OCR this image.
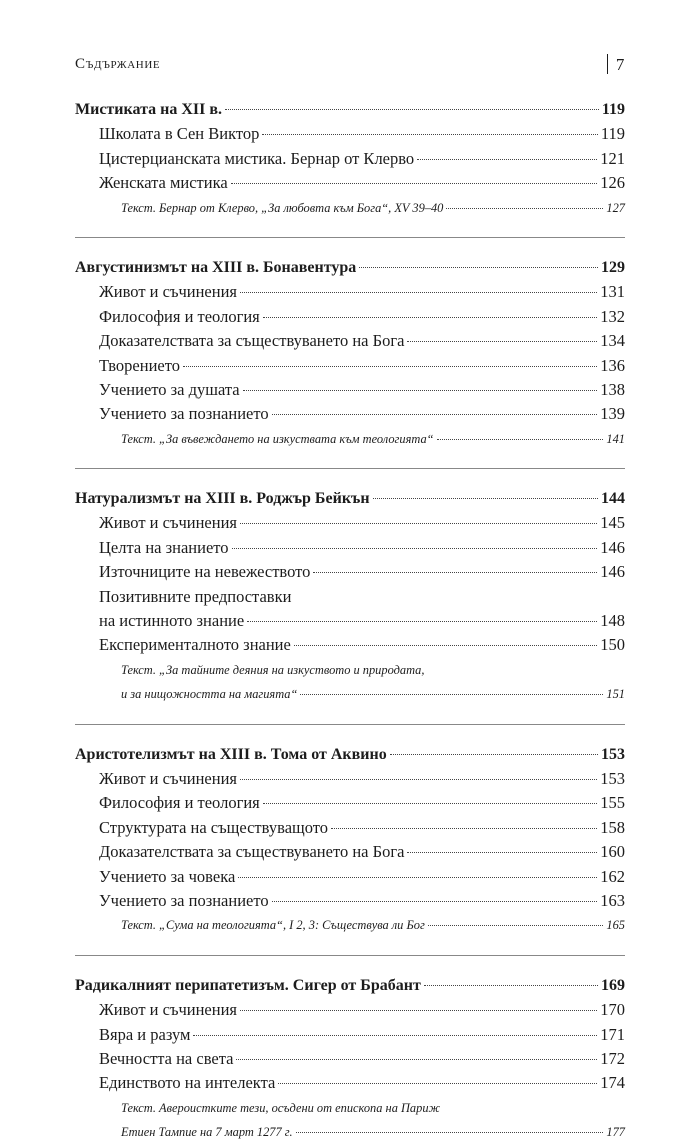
Съдържание	7
Мистиката на XII в.	119
Школата в Сен Виктор	119
Цистерцианската мистика. Бернар от Клерво	121
Женската мистика	126
Текст. Бернар от Клерво, „За любовта към Бога“, XV 39–40	127
Августинизмът на XIII в. Бонавентура	129
Живот и съчинения	131
Философия и теология	132
Доказателствата за съществуването на Бога	134
Творението	136
Учението за душата	138
Учението за познанието	139
Текст. „За въвеждането на изкуствата към теологията“	141
Натурализмът на XIII в. Роджър Бейкън	144
Живот и съчинения	145
Целта на знанието	146
Източниците на невежеството	146
Позитивните предпоставки
на истинното знание	148
Експерименталното знание	150
Текст. „За тайните деяния на изкуството и природата,
и за нищожността на магията“	151
Аристотелизмът на XIII в. Тома от Аквино	153
Живот и съчинения	153
Философия и теология	155
Структурата на съществуващото	158
Доказателствата за съществуването на Бога	160
Учението за човека	162
Учението за познанието	163
Текст. „Сума на теологията“, I 2, 3: Съществува ли Бог	165
Радикалният перипатетизъм. Сигер от Брабант	169
Живот и съчинения	170
Вяра и разум	171
Вечността на света	172
Единството на интелекта	174
Текст. Авероистките тези, осъдени от епископа на Париж
Етиен Тампие на 7 март 1277 г.	177
